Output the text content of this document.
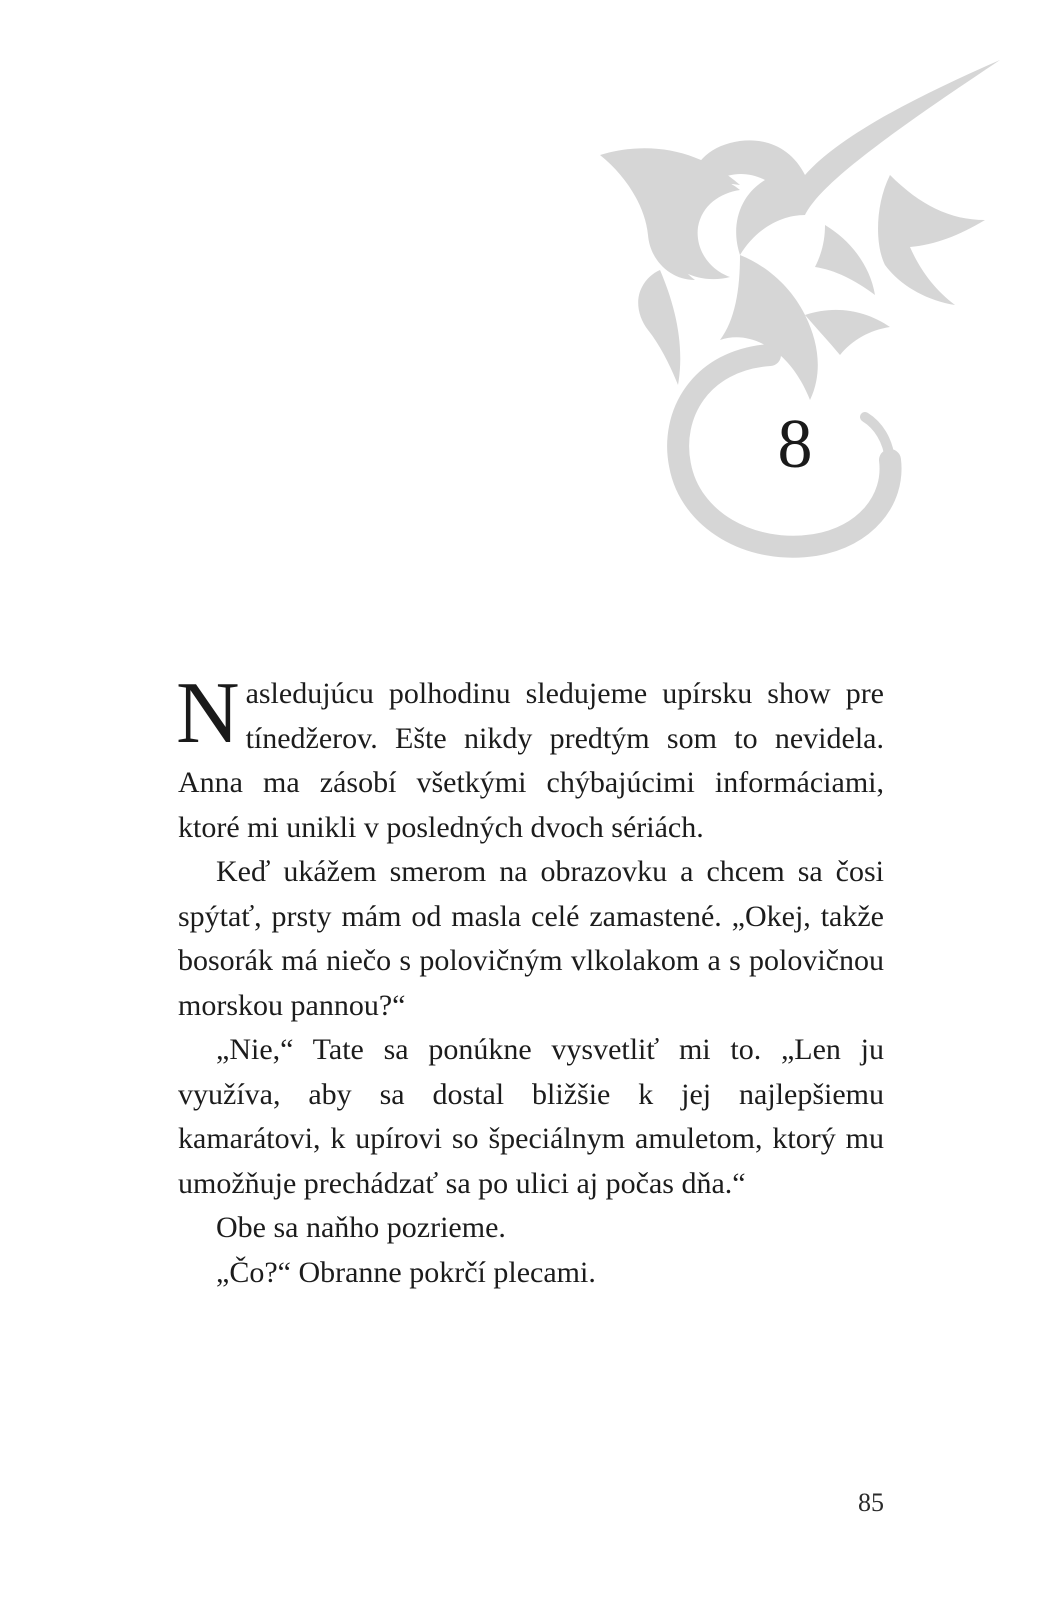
8

Nasledujúcu polhodinu sledujeme upírsku show pre tínedžerov. Ešte nikdy predtým som to nevidela. Anna ma zásobí všetkými chýbajúcimi informáciami, ktoré mi unikli v posledných dvoch sériách.

Keď ukážem smerom na obrazovku a chcem sa čosi spýtať, prsty mám od masla celé zamastené. „Okej, takže bosorák má niečo s polovičným vlkolakom a s polovičnou morskou pannou?“

„Nie,“ Tate sa ponúkne vysvetliť mi to. „Len ju využíva, aby sa dostal bližšie k jej najlepšiemu kamarátovi, k upírovi so špeciálnym amuletom, ktorý mu umožňuje prechádzať sa po ulici aj počas dňa.“

Obe sa naňho pozrieme.

„Čo?“ Obranne pokrčí plecami.

85
